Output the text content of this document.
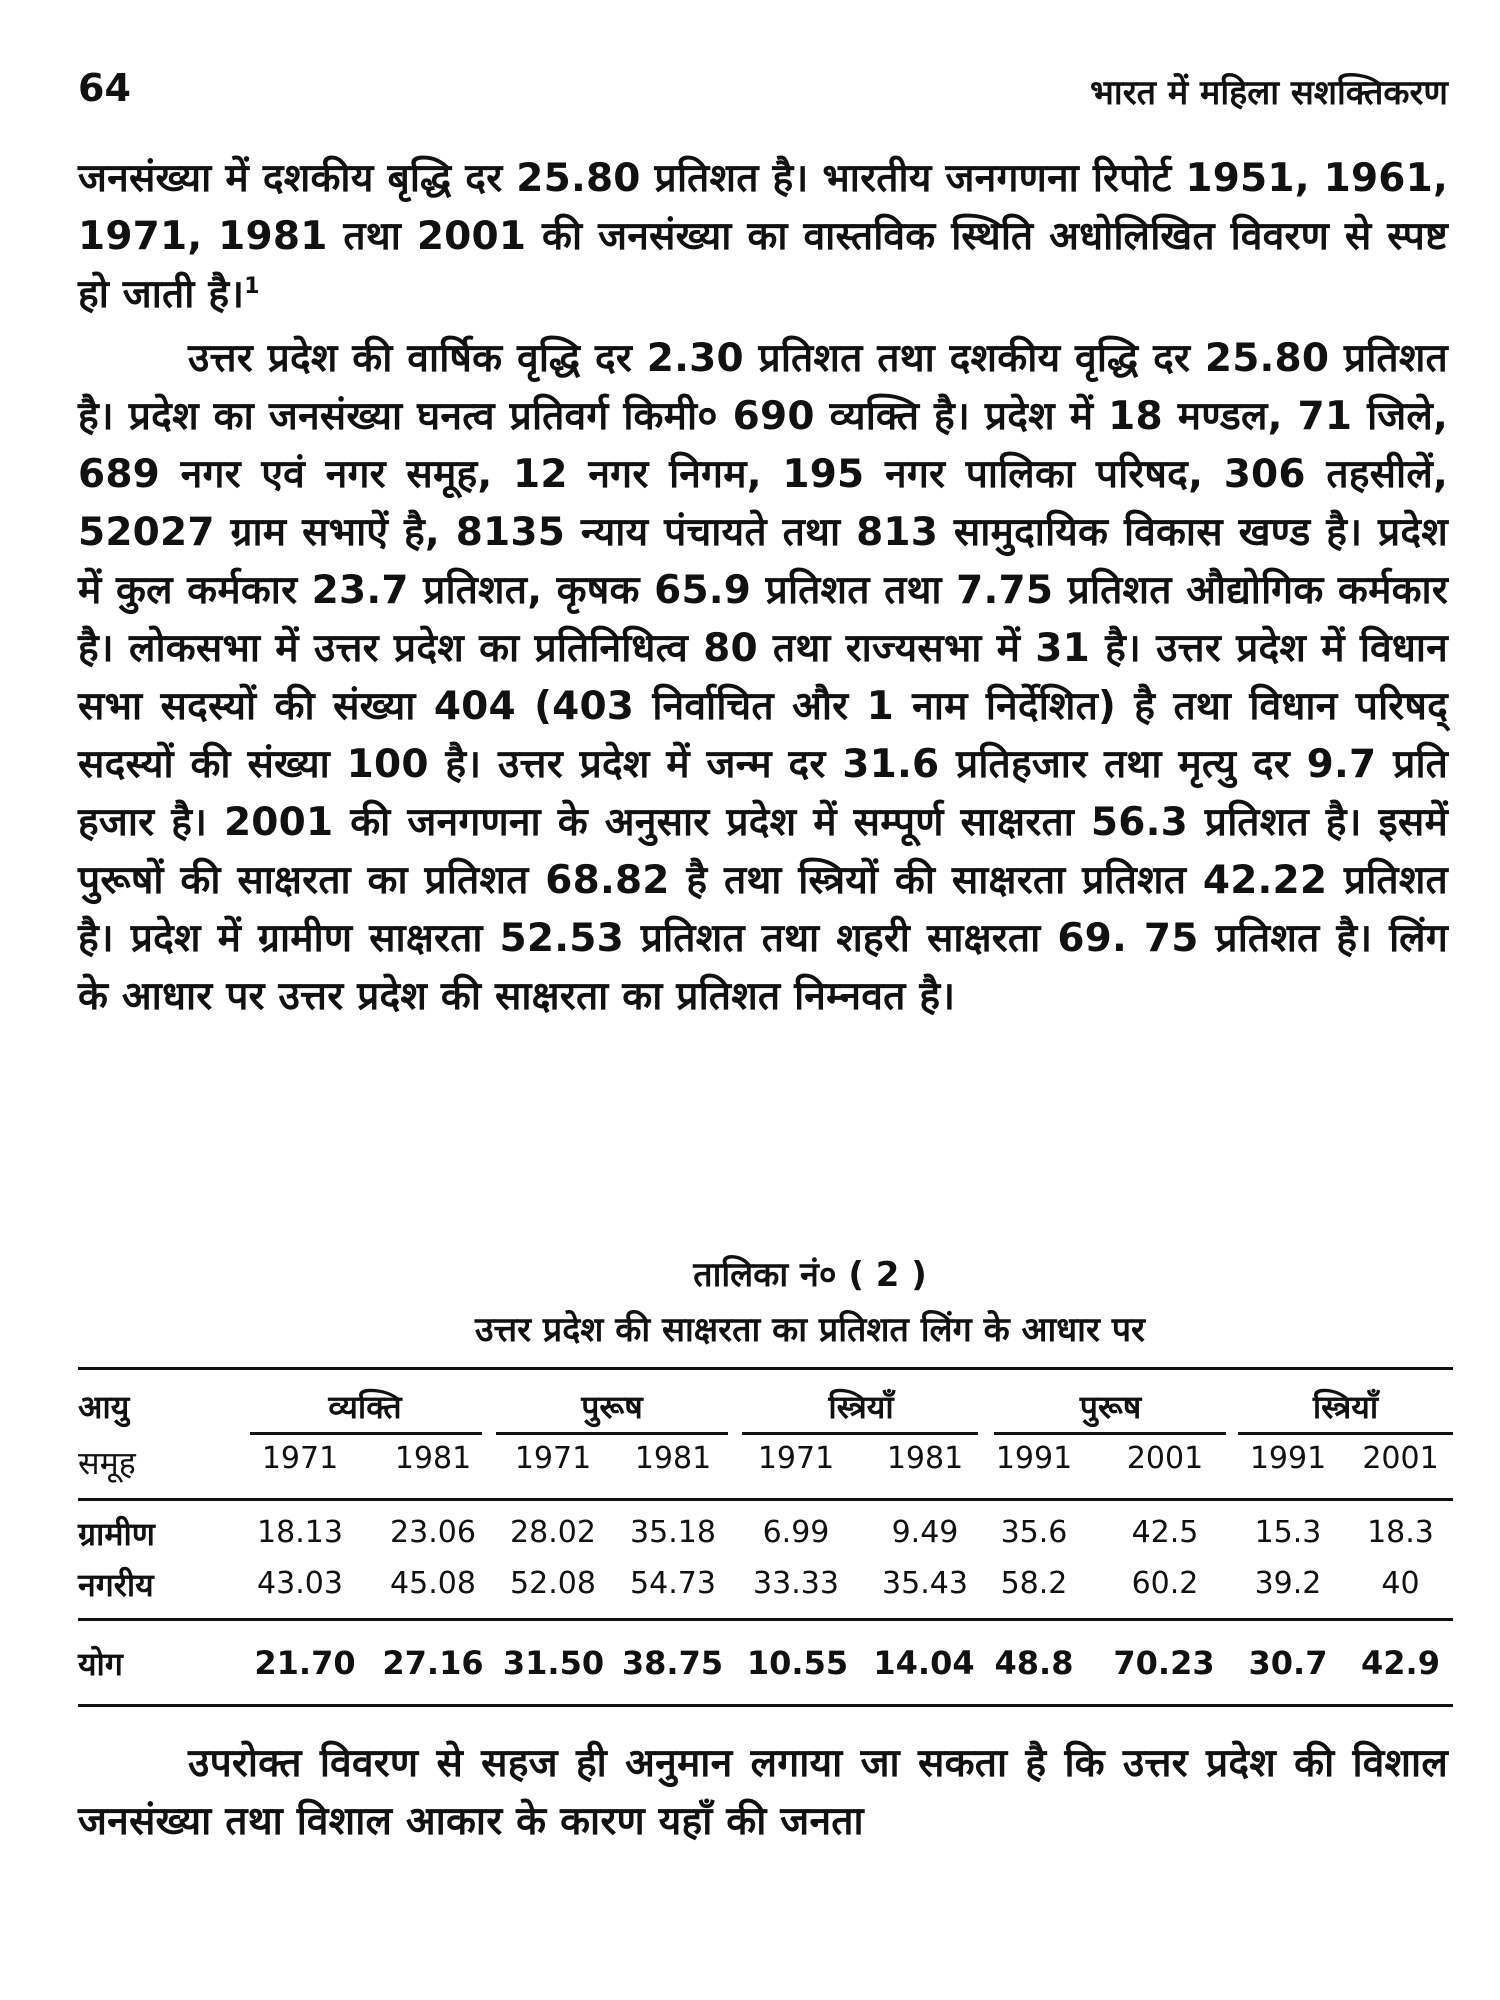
64	भारत में महिला सशक्तिकरण
जनसंख्या में दशकीय बृद्धि दर 25.80 प्रतिशत है। भारतीय जनगणना रिपोर्ट 1951, 1961, 1971, 1981 तथा 2001 की जनसंख्या का वास्तविक स्थिति अधोलिखित विवरण से स्पष्ट हो जाती है।$^1$
उत्तर प्रदेश की वार्षिक वृद्धि दर 2.30 प्रतिशत तथा दशकीय वृद्धि दर 25.80 प्रतिशत है। प्रदेश का जनसंख्या घनत्व प्रतिवर्ग किमी० 690 व्यक्ति है। प्रदेश में 18 मण्डल, 71 जिले, 689 नगर एवं नगर समूह, 12 नगर निगम, 195 नगर पालिका परिषद, 306 तहसीलें, 52027 ग्राम सभाऐं है, 8135 न्याय पंचायते तथा 813 सामुदायिक विकास खण्ड है। प्रदेश में कुल कर्मकार 23.7 प्रतिशत, कृषक 65.9 प्रतिशत तथा 7.75 प्रतिशत औद्योगिक कर्मकार है। लोकसभा में उत्तर प्रदेश का प्रतिनिधित्व 80 तथा राज्यसभा में 31 है। उत्तर प्रदेश में विधान सभा सदस्यों की संख्या 404 (403 निर्वाचित और 1 नाम निर्देशित) है तथा विधान परिषद् सदस्यों की संख्या 100 है। उत्तर प्रदेश में जन्म दर 31.6 प्रतिहजार तथा मृत्यु दर 9.7 प्रति हजार है। 2001 की जनगणना के अनुसार प्रदेश में सम्पूर्ण साक्षरता 56.3 प्रतिशत है। इसमें पुरूषों की साक्षरता का प्रतिशत 68.82 है तथा स्त्रियों की साक्षरता प्रतिशत 42.22 प्रतिशत है। प्रदेश में ग्रामीण साक्षरता 52.53 प्रतिशत तथा शहरी साक्षरता 69. 75 प्रतिशत है। लिंग के आधार पर उत्तर प्रदेश की साक्षरता का प्रतिशत निम्नवत है।
तालिका नं० ( 2 )
उत्तर प्रदेश की साक्षरता का प्रतिशत लिंग के आधार पर
आयु
समूह
व्यक्ति	पुरूष	स्त्रियाँ	पुरूष	स्त्रियाँ
1971	1981	1971	1981	1971	1981	1991	2001	1991	2001
ग्रामीण	18.13	23.06	28.02	35.18	6.99	9.49	35.6	42.5	15.3	18.3
नगरीय	43.03	45.08	52.08	54.73	33.33	35.43	58.2	60.2	39.2	40
योग	21.70 27.16 31.50 38.75 10.55 14.04 48.8	70.23	30.7	42.9
उपरोक्त विवरण से सहज ही अनुमान लगाया जा सकता है कि उत्तर प्रदेश की विशाल जनसंख्या तथा विशाल आकार के कारण यहाँ की जनता
